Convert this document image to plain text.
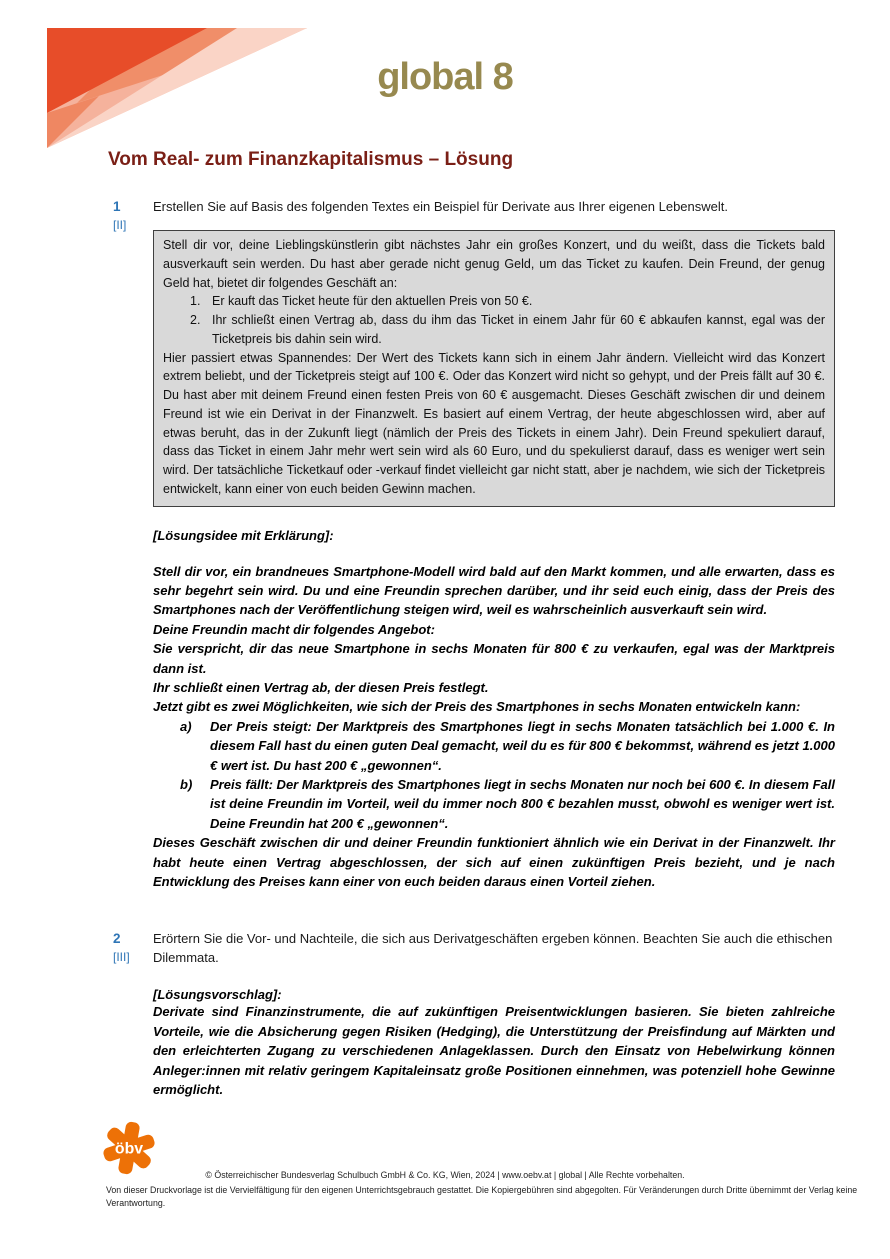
global 8
Vom Real- zum Finanzkapitalismus – Lösung
1
[II]

Erstellen Sie auf Basis des folgenden Textes ein Beispiel für Derivate aus Ihrer eigenen Lebenswelt.

Stell dir vor, deine Lieblingskünstlerin gibt nächstes Jahr ein großes Konzert, und du weißt, dass die Tickets bald ausverkauft sein werden. Du hast aber gerade nicht genug Geld, um das Ticket zu kaufen. Dein Freund, der genug Geld hat, bietet dir folgendes Geschäft an:

1. Er kauft das Ticket heute für den aktuellen Preis von 50 €.
2. Ihr schließt einen Vertrag ab, dass du ihm das Ticket in einem Jahr für 60 € abkaufen kannst, egal was der Ticketpreis bis dahin sein wird.

Hier passiert etwas Spannendes: Der Wert des Tickets kann sich in einem Jahr ändern. Vielleicht wird das Konzert extrem beliebt, und der Ticketpreis steigt auf 100 €. Oder das Konzert wird nicht so gehypt, und der Preis fällt auf 30 €. Du hast aber mit deinem Freund einen festen Preis von 60 € ausgemacht. Dieses Geschäft zwischen dir und deinem Freund ist wie ein Derivat in der Finanzwelt. Es basiert auf einem Vertrag, der heute abgeschlossen wird, aber auf etwas beruht, das in der Zukunft liegt (nämlich der Preis des Tickets in einem Jahr). Dein Freund spekuliert darauf, dass das Ticket in einem Jahr mehr wert sein wird als 60 Euro, und du spekulierst darauf, dass es weniger wert sein wird. Der tatsächliche Ticketkauf oder -verkauf findet vielleicht gar nicht statt, aber je nachdem, wie sich der Ticketpreis entwickelt, kann einer von euch beiden Gewinn machen.

[Lösungsidee mit Erklärung]:

Stell dir vor, ein brandneues Smartphone-Modell wird bald auf den Markt kommen, und alle erwarten, dass es sehr begehrt sein wird. Du und eine Freundin sprechen darüber, und ihr seid euch einig, dass der Preis des Smartphones nach der Veröffentlichung steigen wird, weil es wahrscheinlich ausverkauft sein wird.

Deine Freundin macht dir folgendes Angebot:

Sie verspricht, dir das neue Smartphone in sechs Monaten für 800 € zu verkaufen, egal was der Marktpreis dann ist.

Ihr schließt einen Vertrag ab, der diesen Preis festlegt.

Jetzt gibt es zwei Möglichkeiten, wie sich der Preis des Smartphones in sechs Monaten entwickeln kann:

a)	Der Preis steigt: Der Marktpreis des Smartphones liegt in sechs Monaten tatsächlich bei 1.000 €. In diesem Fall hast du einen guten Deal gemacht, weil du es für 800 € bekommst, während es jetzt 1.000 € wert ist. Du hast 200 € „gewonnen“.
b)	Preis fällt: Der Marktpreis des Smartphones liegt in sechs Monaten nur noch bei 600 €. In diesem Fall ist deine Freundin im Vorteil, weil du immer noch 800 € bezahlen musst, obwohl es weniger wert ist. Deine Freundin hat 200 € „gewonnen“.

Dieses Geschäft zwischen dir und deiner Freundin funktioniert ähnlich wie ein Derivat in der Finanzwelt. Ihr habt heute einen Vertrag abgeschlossen, der sich auf einen zukünftigen Preis bezieht, und je nach Entwicklung des Preises kann einer von euch beiden daraus einen Vorteil ziehen.

2
[III]

Erörtern Sie die Vor- und Nachteile, die sich aus Derivatgeschäften ergeben können. Beachten Sie auch die ethischen Dilemmata.

[Lösungsvorschlag]:

Derivate sind Finanzinstrumente, die auf zukünftigen Preisentwicklungen basieren. Sie bieten zahlreiche Vorteile, wie die Absicherung gegen Risiken (Hedging), die Unterstützung der Preisfindung auf Märkten und den erleichterten Zugang zu verschiedenen Anlageklassen. Durch den Einsatz von Hebelwirkung können Anleger:innen mit relativ geringem Kapitaleinsatz große Positionen einnehmen, was potenziell hohe Gewinne ermöglicht.

öbv
© Österreichischer Bundesverlag Schulbuch GmbH & Co. KG, Wien, 2024 | www.oebv.at | global | Alle Rechte vorbehalten.
Von dieser Druckvorlage ist die Vervielfältigung für den eigenen Unterrichtsgebrauch gestattet. Die Kopiergebühren sind abgegolten. Für Veränderungen durch Dritte übernimmt der Verlag keine Verantwortung.
